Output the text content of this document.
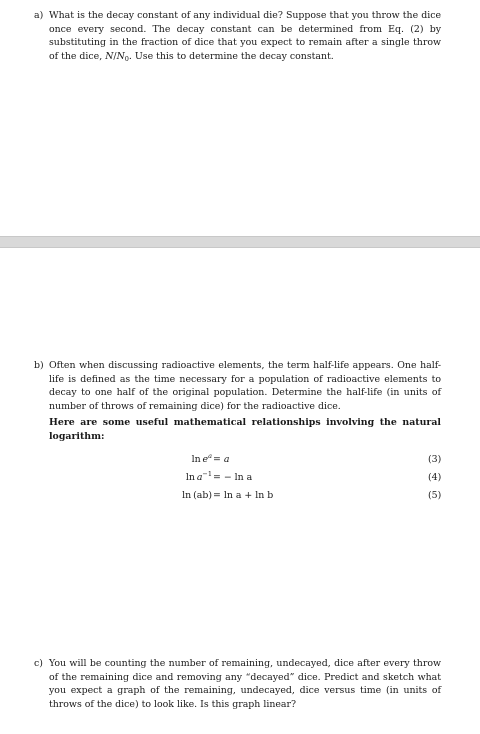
a) What is the decay constant of any individual die? Suppose that you throw the dice once every second. The decay constant can be determined from Eq. (2) by substituting in the fraction of dice that you expect to remain after a single throw of the dice, $N/N_0$. Use this to determine the decay constant.
b) Often when discussing radioactive elements, the term half-life appears. One half-life is defined as the time necessary for a population of radioactive elements to decay to one half of the original population. Determine the half-life (in units of number of throws of remaining dice) for the radioactive dice.
Here are some useful mathematical relationships involving the natural logarithm:
$\ln e^a = a$	(3)
$\ln a^{-1}$ = − ln a	(4)
ln  (ab) = ln a + ln b	(5)
c) You will be counting the number of remaining, undecayed, dice after every throw of the remaining dice and removing any “decayed” dice. Predict and sketch what you expect a graph of the remaining, undecayed, dice versus time (in units of throws of the dice) to look like. Is this graph linear?
